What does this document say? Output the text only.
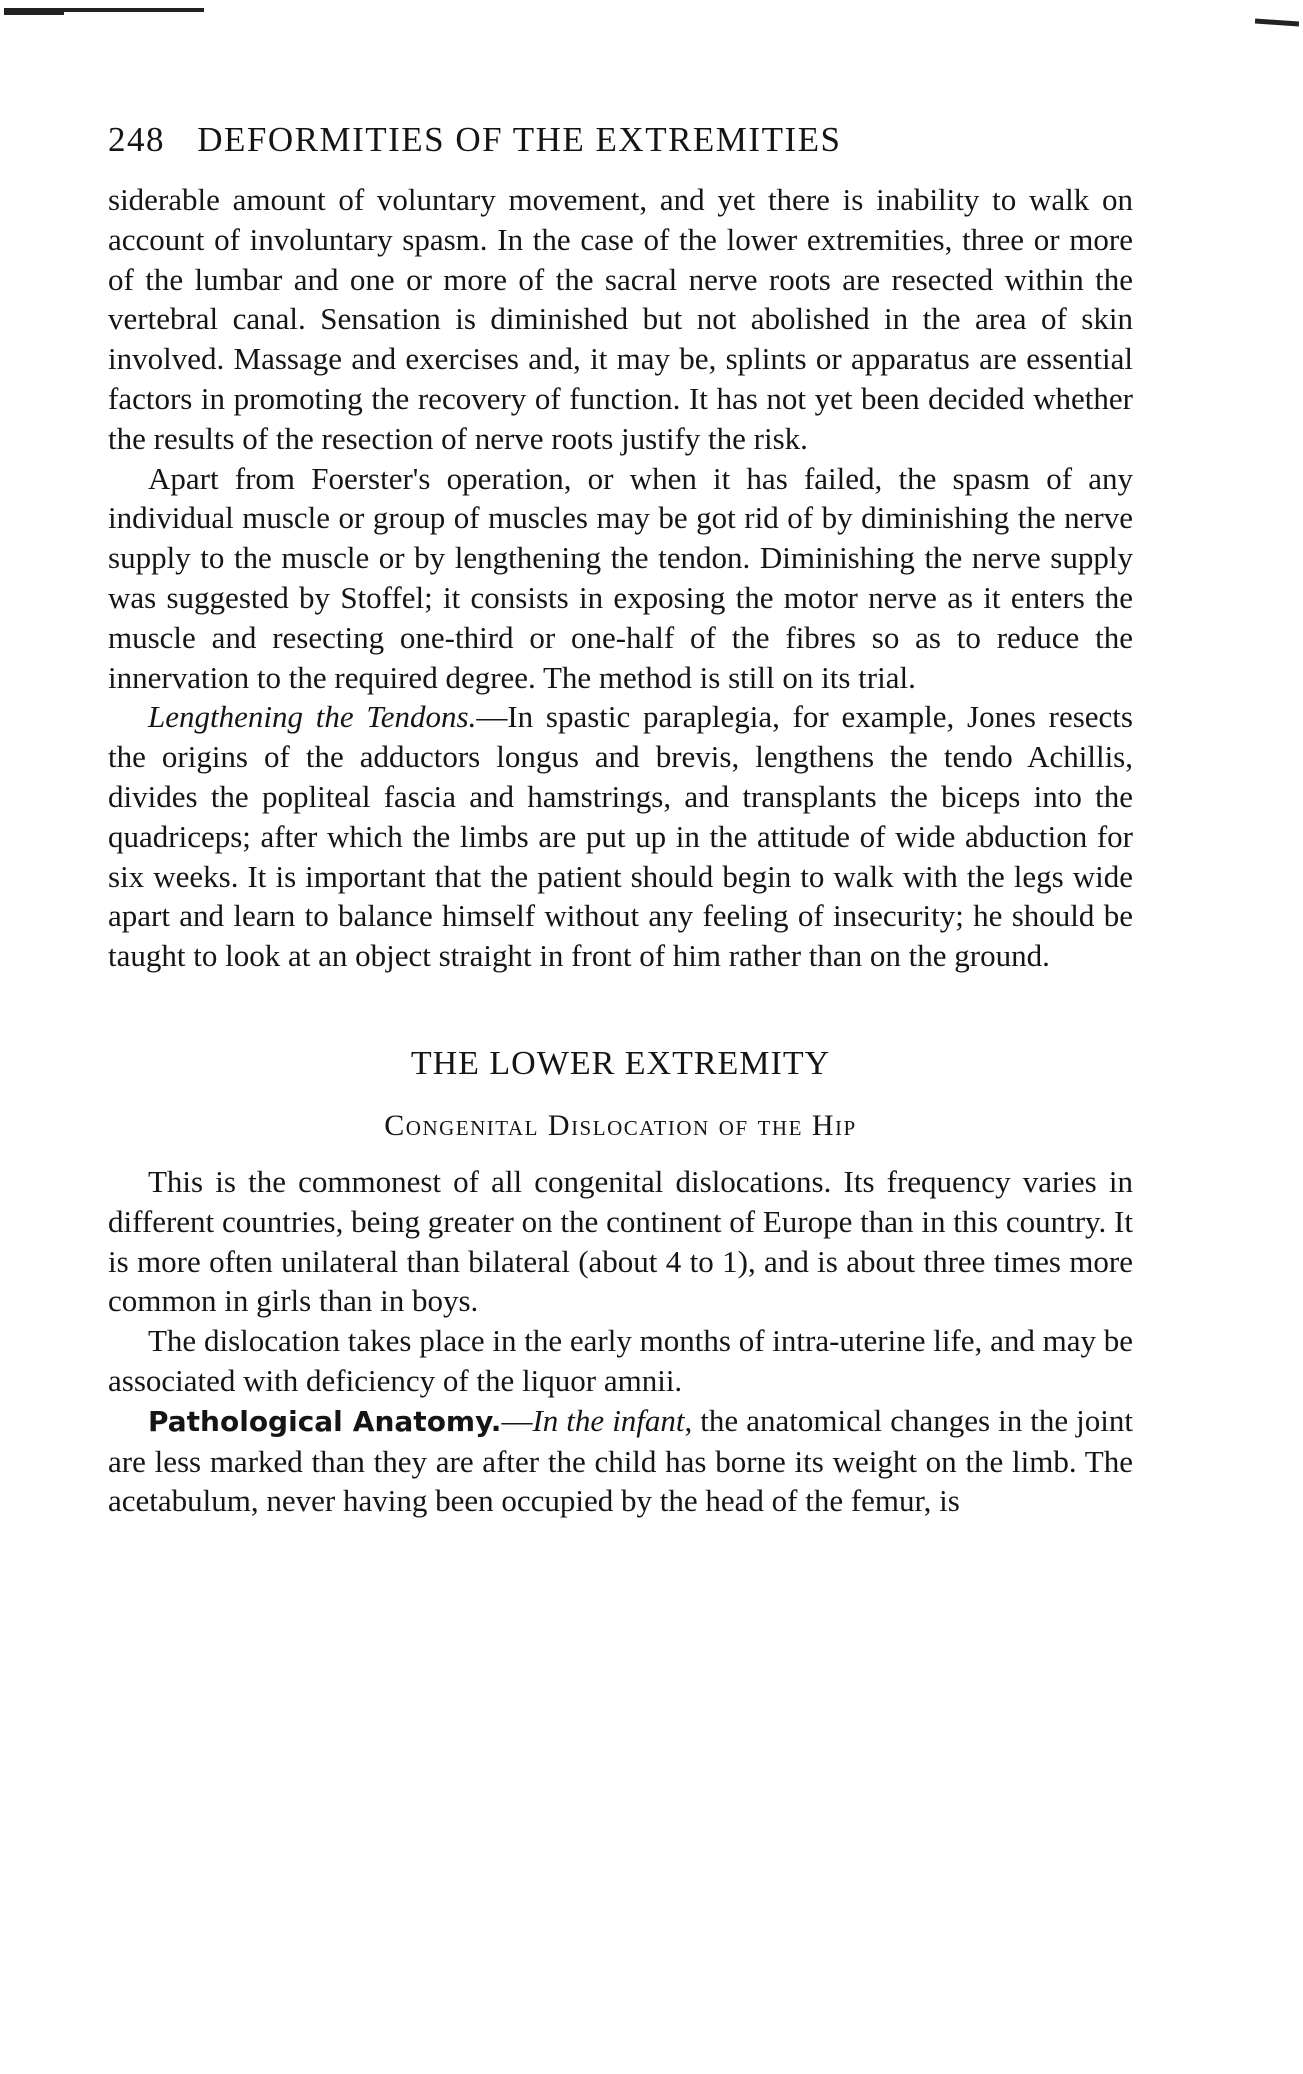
248 DEFORMITIES OF THE EXTREMITIES

siderable amount of voluntary movement, and yet there is inability to walk on account of involuntary spasm. In the case of the lower extremities, three or more of the lumbar and one or more of the sacral nerve roots are resected within the vertebral canal. Sensation is diminished but not abolished in the area of skin involved. Massage and exercises and, it may be, splints or apparatus are essential factors in promoting the recovery of function. It has not yet been decided whether the results of the resection of nerve roots justify the risk.

Apart from Foerster's operation, or when it has failed, the spasm of any individual muscle or group of muscles may be got rid of by diminishing the nerve supply to the muscle or by lengthening the tendon. Diminishing the nerve supply was suggested by Stoffel; it consists in exposing the motor nerve as it enters the muscle and resecting one-third or one-half of the fibres so as to reduce the innervation to the required degree. The method is still on its trial.

Lengthening the Tendons.—In spastic paraplegia, for example, Jones resects the origins of the adductors longus and brevis, lengthens the tendo Achillis, divides the popliteal fascia and hamstrings, and transplants the biceps into the quadriceps; after which the limbs are put up in the attitude of wide abduction for six weeks. It is important that the patient should begin to walk with the legs wide apart and learn to balance himself without any feeling of insecurity; he should be taught to look at an object straight in front of him rather than on the ground.

THE LOWER EXTREMITY
Congenital Dislocation of the Hip

This is the commonest of all congenital dislocations. Its frequency varies in different countries, being greater on the continent of Europe than in this country. It is more often unilateral than bilateral (about 4 to 1), and is about three times more common in girls than in boys.

The dislocation takes place in the early months of intra-uterine life, and may be associated with deficiency of the liquor amnii.

Pathological Anatomy.—In the infant, the anatomical changes in the joint are less marked than they are after the child has borne its weight on the limb. The acetabulum, never having been occupied by the head of the femur, is
